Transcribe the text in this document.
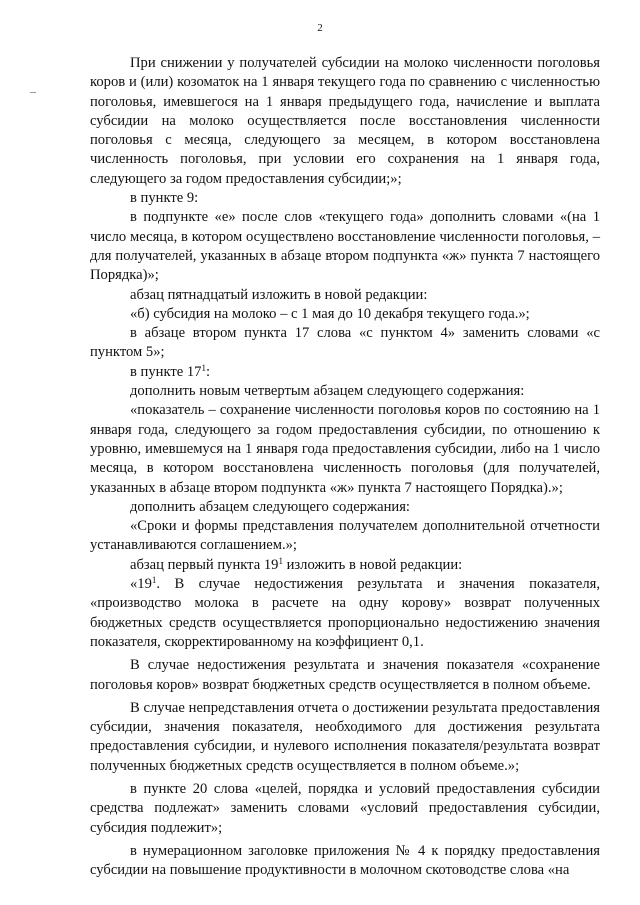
2

При снижении у получателей субсидии на молоко численности поголовья коров и (или) козоматок на 1 января текущего года по сравнению с численностью поголовья, имевшегося на 1 января предыдущего года, начисление и выплата субсидии на молоко осуществляется после восстановления численности поголовья с месяца, следующего за месяцем, в котором восстановлена численность поголовья, при условии его сохранения на 1 января года, следующего за годом предоставления субсидии;»;

в пункте 9:

в подпункте «е» после слов «текущего года» дополнить словами «(на 1 число месяца, в котором осуществлено восстановление численности поголовья, – для получателей, указанных в абзаце втором подпункта «ж» пункта 7 настоящего Порядка)»;

абзац пятнадцатый изложить в новой редакции:

«б) субсидия на молоко – с 1 мая до 10 декабря текущего года.»;

в абзаце втором пункта 17 слова «с пунктом 4» заменить словами «с пунктом 5»;

в пункте $17^1$:

дополнить новым четвертым абзацем следующего содержания:

«показатель – сохранение численности поголовья коров по состоянию на 1 января года, следующего за годом предоставления субсидии, по отношению к уровню, имевшемуся на 1 января года предоставления субсидии, либо на 1 число месяца, в котором восстановлена численность поголовья (для получателей, указанных в абзаце втором подпункта «ж» пункта 7 настоящего Порядка).»;

дополнить абзацем следующего содержания:

«Сроки и формы представления получателем дополнительной отчетности устанавливаются соглашением.»;

абзац первый пункта $19^1$ изложить в новой редакции:

«$19^1$. В случае недостижения результата и значения показателя, «производство молока в расчете на одну корову» возврат полученных бюджетных средств осуществляется пропорционально недостижению значения показателя, скорректированному на коэффициент 0,1.

В случае недостижения результата и значения показателя «сохранение поголовья коров» возврат бюджетных средств осуществляется в полном объеме.

В случае непредставления отчета о достижении результата предоставления субсидии, значения показателя, необходимого для достижения результата предоставления субсидии, и нулевого исполнения показателя/результата возврат полученных бюджетных средств осуществляется в полном объеме.»;

в пункте 20 слова «целей, порядка и условий предоставления субсидии средства подлежат» заменить словами «условий предоставления субсидии, субсидия подлежит»;

в нумерационном заголовке приложения № 4 к порядку предоставления субсидии на повышение продуктивности в молочном скотоводстве слова «на
